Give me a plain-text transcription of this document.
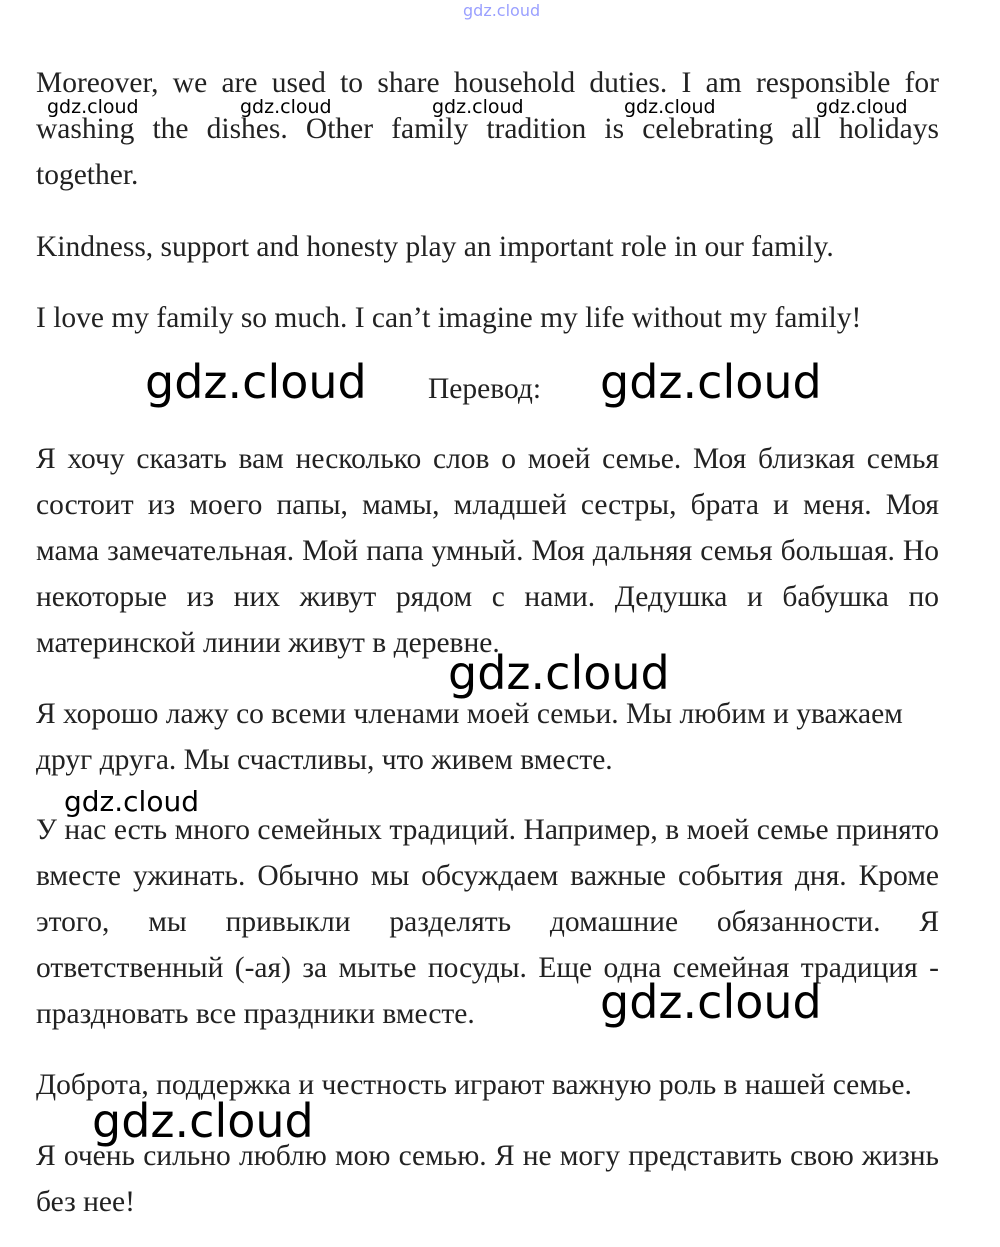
Moreover, we are used to share household duties. I am responsible for washing the dishes. Other family tradition is celebrating all holidays together.

Kindness, support and honesty play an important role in our family.

I love my family so much. I can’t imagine my life without my family!

Перевод:

Я хочу сказать вам несколько слов о моей семье. Моя близкая семья состоит из моего папы, мамы, младшей сестры, брата и меня. Моя мама замечательная. Мой папа умный. Моя дальняя семья большая. Но некоторые из них живут рядом с нами. Дедушка и бабушка по материнской линии живут в деревне.

Я хорошо лажу со всеми членами моей семьи. Мы любим и уважаем друг друга. Мы счастливы, что живем вместе.

У нас есть много семейных традиций. Например, в моей семье принято вместе ужинать. Обычно мы обсуждаем важные события дня. Кроме этого, мы привыкли разделять домашние обязанности. Я ответственный (-ая) за мытье посуды. Еще одна семейная традиция - праздновать все праздники вместе.

Доброта, поддержка и честность играют важную роль в нашей семье.

Я очень сильно люблю мою семью. Я не могу представить свою жизнь без нее!

gdz.cloud
gdz.cloud	gdz.cloud	gdz.cloud	gdz.cloud	gdz.cloud
gdz.cloud	gdz.cloud
gdz.cloud
gdz.cloud
gdz.cloud
gdz.cloud
